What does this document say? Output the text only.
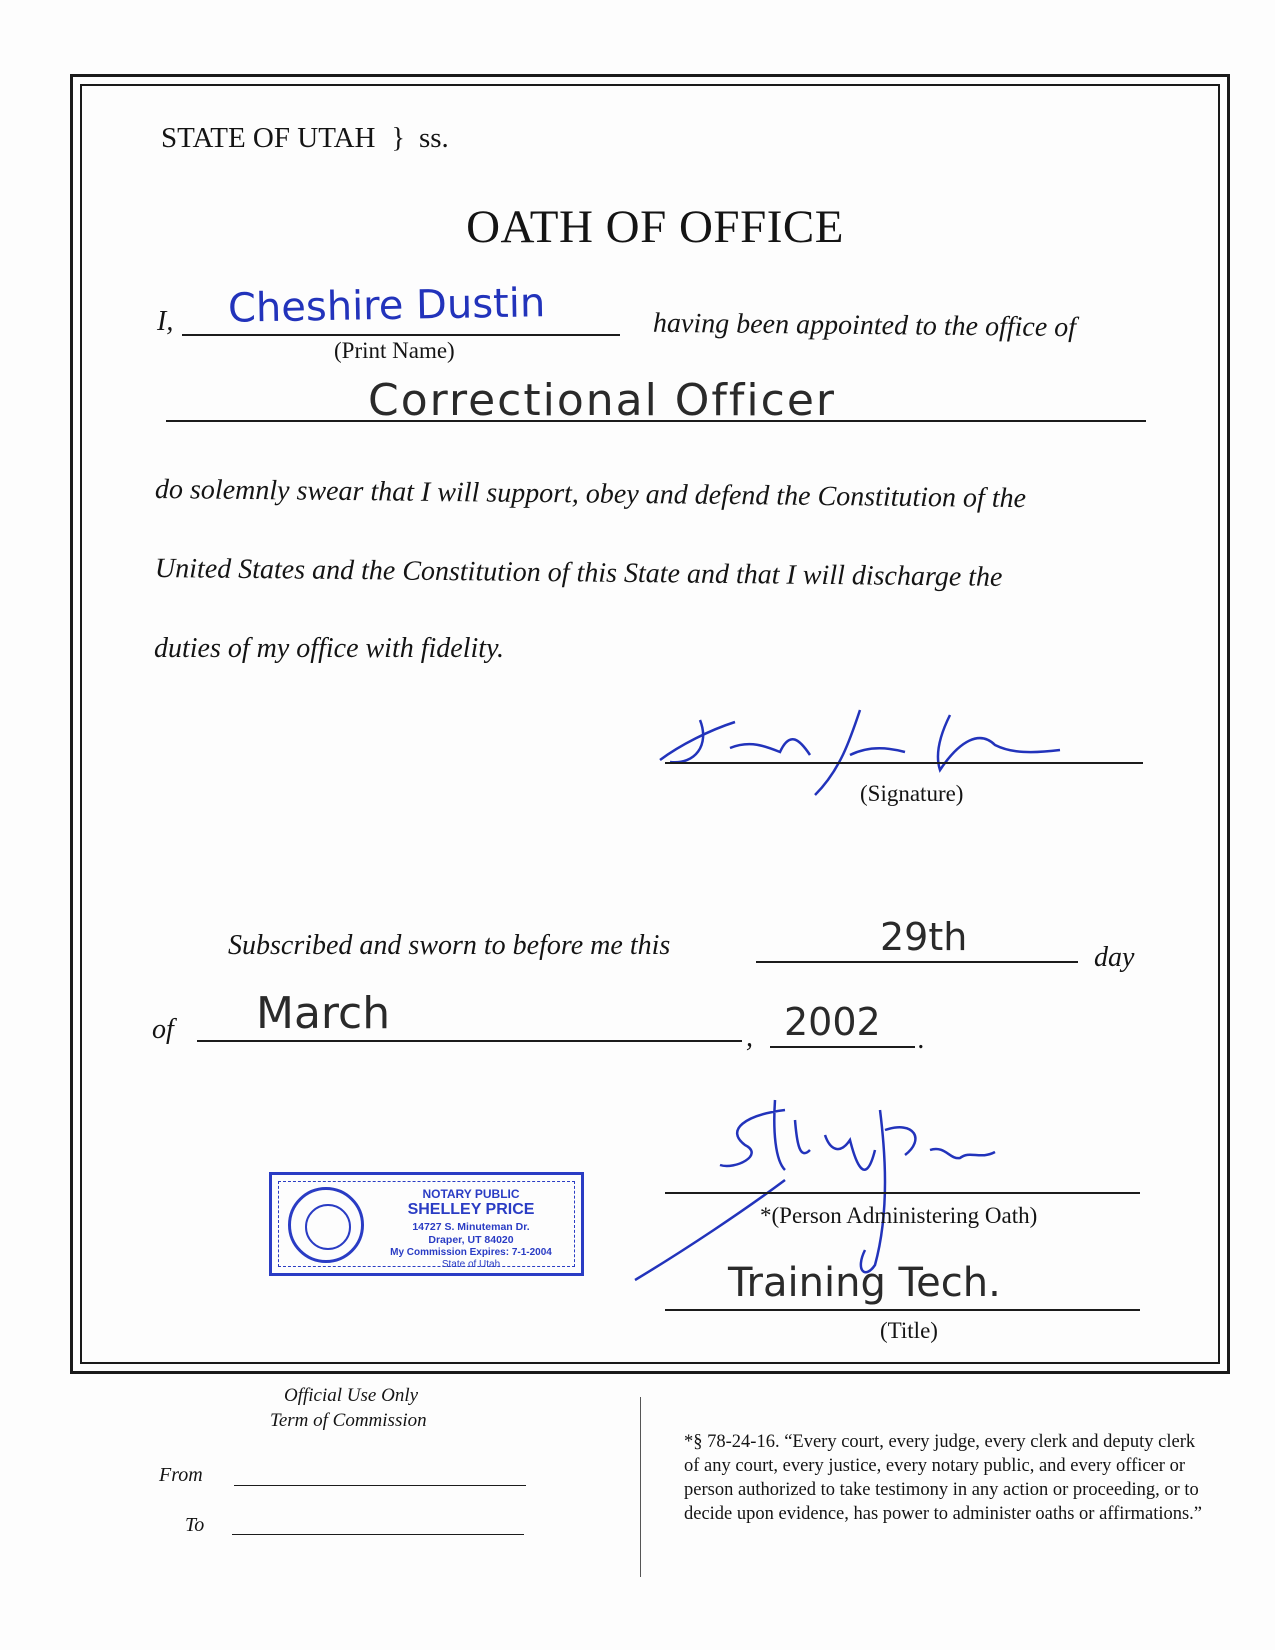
STATE OF UTAH } ss.
OATH OF OFFICE
I, Cheshire Dustin
(Print Name)
having been appointed to the office of
Correctional Officer
do solemnly swear that I will support, obey and defend the Constitution of the
United States and the Constitution of this State and that I will discharge the
duties of my office with fidelity.
(Signature)
Subscribed and sworn to before me this	29th	day
of March	, 2002 .
NOTARY PUBLIC
SHELLEY PRICE
14727 S. Minuteman Dr.
Draper, UT 84020
My Commission Expires: 7-1-2004
State of Utah
*(Person Administering Oath)
Training Tech.
(Title)
Official Use Only
Term of Commission
From
To
*§ 78-24-16. “Every court, every judge, every clerk and deputy clerk of any court, every justice, every notary public, and every officer or person authorized to take testimony in any action or proceeding, or to decide upon evidence, has power to administer oaths or affirmations.”
